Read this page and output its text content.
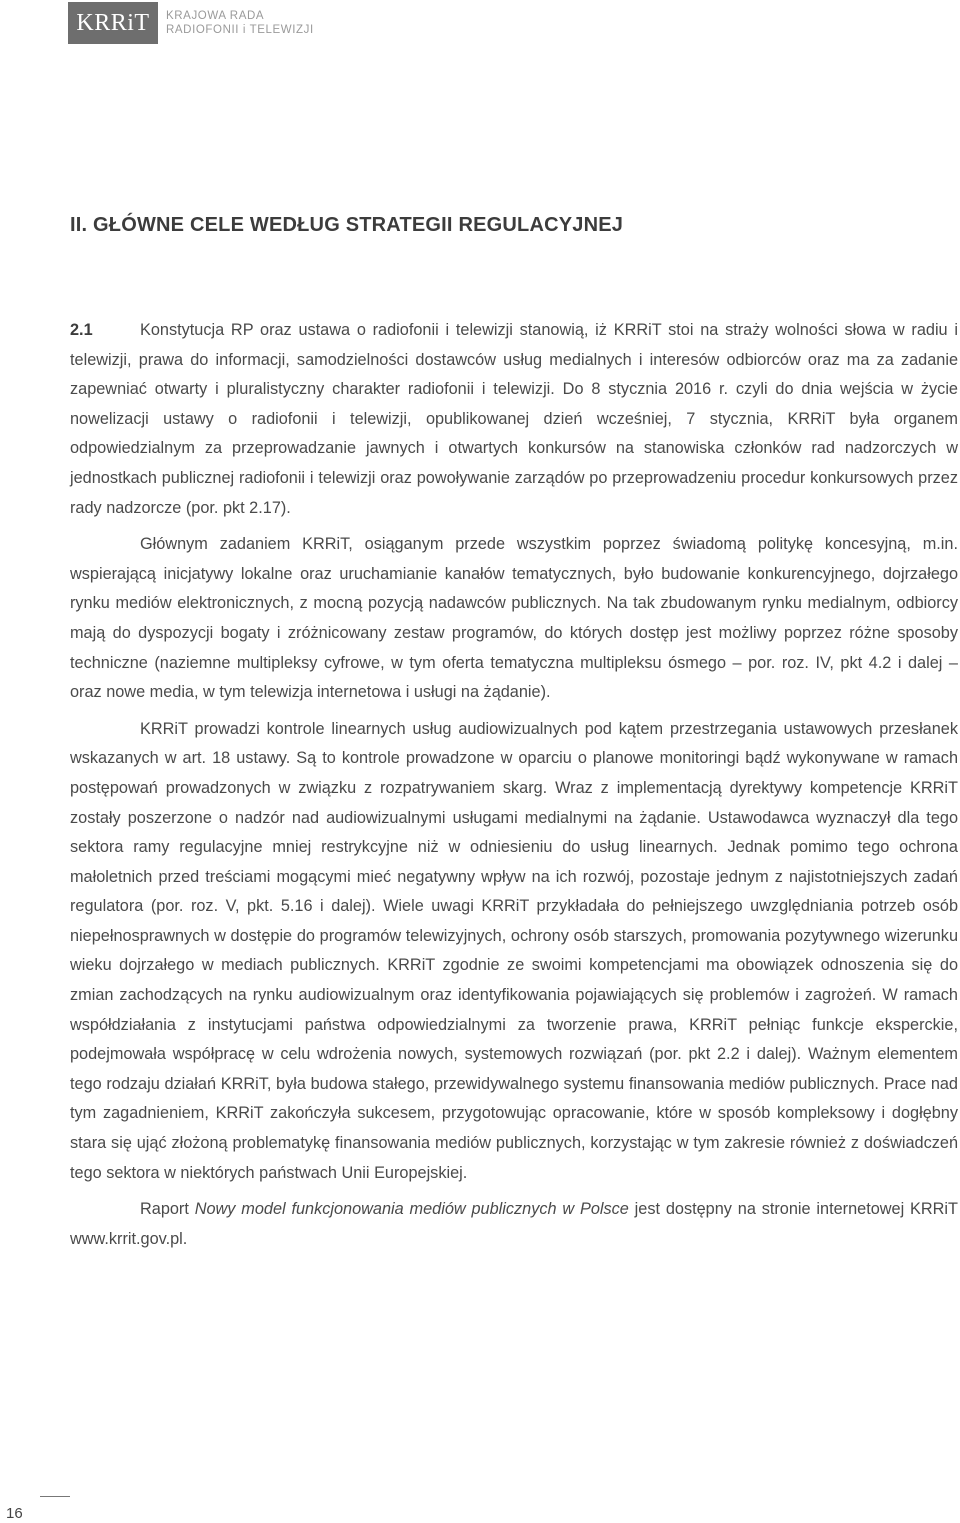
KRRiT KRAJOWA RADA
RADIOFONII i TELEWIZJI
II. GŁÓWNE CELE WEDŁUG STRATEGII REGULACYJNEJ

2.1	Konstytucja RP oraz ustawa o radiofonii i telewizji stanowią, iż KRRiT stoi na straży wolności słowa w radiu i telewizji, prawa do informacji, samodzielności dostawców usług medialnych i interesów odbiorców oraz ma za zadanie zapewniać otwarty i pluralistyczny charakter radiofonii i telewizji. Do 8 stycznia 2016 r. czyli do dnia wejścia w życie nowelizacji ustawy o radiofonii i telewizji, opublikowanej dzień wcześniej, 7 stycznia, KRRiT była organem odpowiedzialnym za przeprowadzanie jawnych i otwartych konkursów na stanowiska członków rad nadzorczych w jednostkach publicznej radiofonii i telewizji oraz powoływanie zarządów po przeprowadzeniu procedur konkursowych przez rady nadzorcze (por. pkt 2.17).

Głównym zadaniem KRRiT, osiąganym przede wszystkim poprzez świadomą politykę koncesyjną, m.in. wspierającą inicjatywy lokalne oraz uruchamianie kanałów tematycznych, było budowanie konkurencyjnego, dojrzałego rynku mediów elektronicznych, z mocną pozycją nadawców publicznych. Na tak zbudowanym rynku medialnym, odbiorcy mają do dyspozycji bogaty i zróżnicowany zestaw programów, do których dostęp jest możliwy poprzez różne sposoby techniczne (naziemne multipleksy cyfrowe, w tym oferta tematyczna multipleksu ósmego – por. roz. IV, pkt 4.2 i dalej – oraz nowe media, w tym telewizja internetowa i usługi na żądanie).

KRRiT prowadzi kontrole linearnych usług audiowizualnych pod kątem przestrzegania ustawowych przesłanek wskazanych w art. 18 ustawy. Są to kontrole prowadzone w oparciu o planowe monitoringi bądź wykonywane w ramach postępowań prowadzonych w związku z rozpatrywaniem skarg. Wraz z implementacją dyrektywy kompetencje KRRiT zostały poszerzone o nadzór nad audiowizualnymi usługami medialnymi na żądanie. Ustawodawca wyznaczył dla tego sektora ramy regulacyjne mniej restrykcyjne niż w odniesieniu do usług linearnych. Jednak pomimo tego ochrona małoletnich przed treściami mogącymi mieć negatywny wpływ na ich rozwój, pozostaje jednym z najistotniejszych zadań regulatora (por. roz. V, pkt. 5.16 i dalej). Wiele uwagi KRRiT przykładała do pełniejszego uwzględniania potrzeb osób niepełnosprawnych w dostępie do programów telewizyjnych, ochrony osób starszych, promowania pozytywnego wizerunku wieku dojrzałego w mediach publicznych. KRRiT zgodnie ze swoimi kompetencjami ma obowiązek odnoszenia się do zmian zachodzących na rynku audiowizualnym oraz identyfikowania pojawiających się problemów i zagrożeń. W ramach współdziałania z instytucjami państwa odpowiedzialnymi za tworzenie prawa, KRRiT pełniąc funkcje eksperckie, podejmowała współpracę w celu wdrożenia nowych, systemowych rozwiązań (por. pkt 2.2 i dalej). Ważnym elementem tego rodzaju działań KRRiT, była budowa stałego, przewidywalnego systemu finansowania mediów publicznych. Prace nad tym zagadnieniem, KRRiT zakończyła sukcesem, przygotowując opracowanie, które w sposób kompleksowy i dogłębny stara się ująć złożoną problematykę finansowania mediów publicznych, korzystając w tym zakresie również z doświadczeń tego sektora w niektórych państwach Unii Europejskiej.

Raport Nowy model funkcjonowania mediów publicznych w Polsce jest dostępny na stronie internetowej KRRiT www.krrit.gov.pl.

16
